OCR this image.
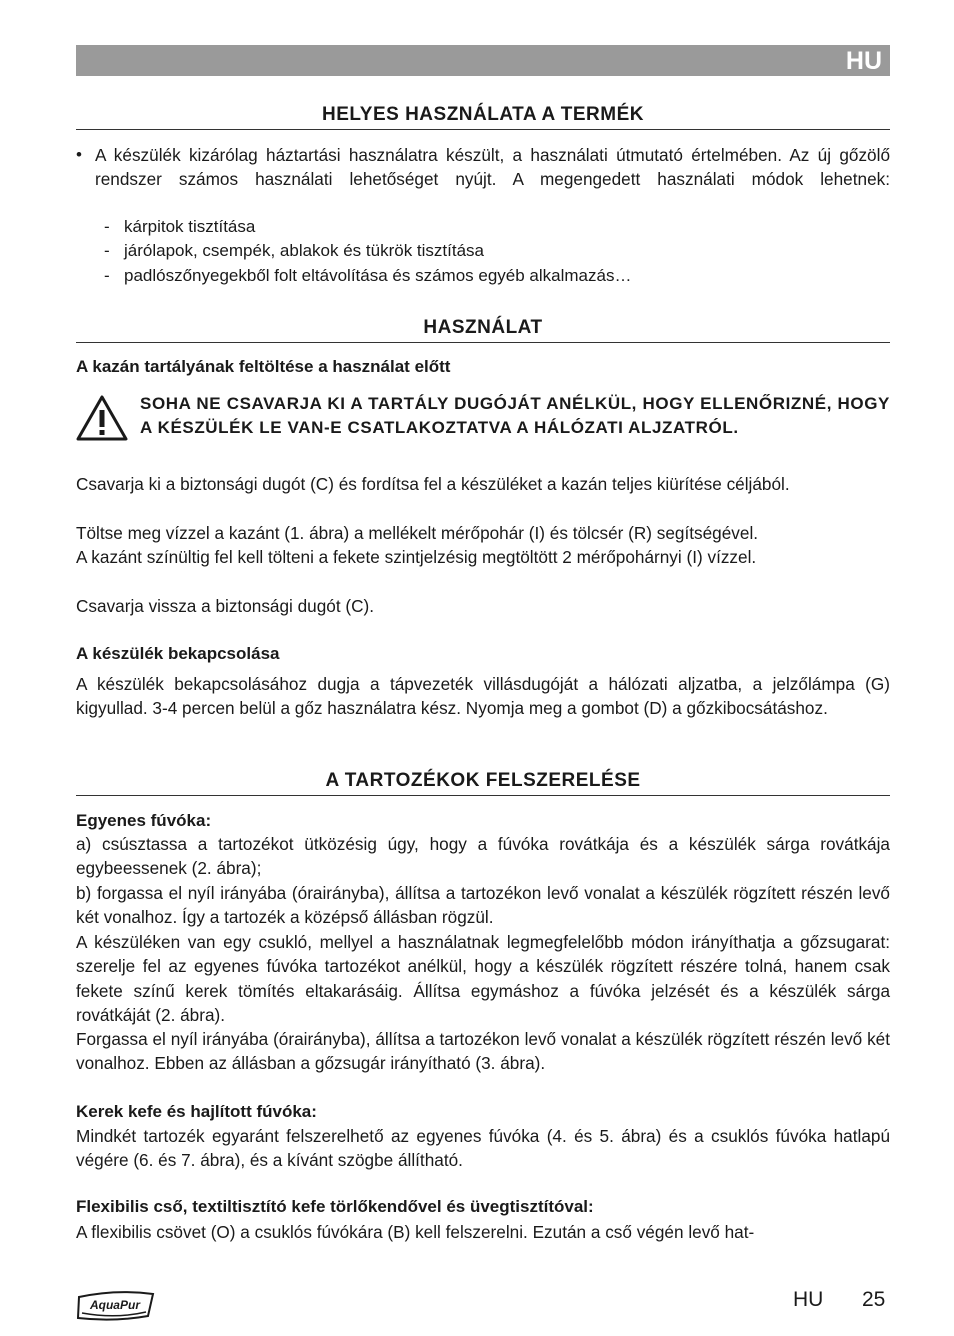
HU
HELYES HASZNÁLATA A TERMÉK
• A készülék kizárólag háztartási használatra készült, a használati útmutató értelmében. Az új gőzölő rendszer számos használati lehetőséget nyújt. A megengedett használati módok lehetnek:
- kárpitok tisztítása
- járólapok, csempék, ablakok és tükrök tisztítása
- padlószőnyegekből folt eltávolítása és számos egyéb alkalmazás…
HASZNÁLAT
A kazán tartályának feltöltése a használat előtt
SOHA NE CSAVARJA KI A TARTÁLY DUGÓJÁT ANÉLKÜL, HOGY ELLENŐRIZNÉ, HOGY A KÉSZÜLÉK LE VAN-E CSATLAKOZTATVA A HÁLÓZATI ALJZATRÓL.
Csavarja ki a biztonsági dugót (C) és fordítsa fel a készüléket a kazán teljes kiürítése céljából.
Töltse meg vízzel a kazánt (1. ábra) a mellékelt mérőpohár (I) és tölcsér (R) segítségével.
A kazánt színültig fel kell tölteni a fekete szintjelzésig megtöltött 2 mérőpohárnyi (I) vízzel.
Csavarja vissza a biztonsági dugót (C).
A készülék bekapcsolása
A készülék bekapcsolásához dugja a tápvezeték villásdugóját a hálózati aljzatba, a jelzőlámpa (G) kigyullad. 3-4 percen belül a gőz használatra kész. Nyomja meg a gombot (D) a gőzkibocsátáshoz.
A TARTOZÉKOK FELSZERELÉSE
Egyenes fúvóka:
a) csúsztassa a tartozékot ütközésig úgy, hogy a fúvóka rovátkája és a készülék sárga rovátkája egybeessenek (2. ábra);
b) forgassa el nyíl irányába (órairányba), állítsa a tartozékon levő vonalat a készülék rögzített részén levő két vonalhoz. Így a tartozék a középső állásban rögzül.
A készüléken van egy csukló, mellyel a használatnak legmegfelelőbb módon irányíthatja a gőzsugarat: szerelje fel az egyenes fúvóka tartozékot anélkül, hogy a készülék rögzített részére tolná, hanem csak fekete színű kerek tömítés eltakarásáig. Állítsa egymáshoz a fúvóka jelzését és a készülék sárga rovátkáját (2. ábra).
Forgassa el nyíl irányába (órairányba), állítsa a tartozékon levő vonalat a készülék rögzített részén levő két vonalhoz. Ebben az állásban a gőzsugár irányítható (3. ábra).
Kerek kefe és hajlított fúvóka:
Mindkét tartozék egyaránt felszerelhető az egyenes fúvóka (4. és 5. ábra) és a csuklós fúvóka hatlapú végére (6. és 7. ábra), és a kívánt szögbe állítható.
Flexibilis cső, textiltisztító kefe törlőkendővel és üvegtisztítóval:
A flexibilis csövet (O) a csuklós fúvókára (B) kell felszerelni. Ezután a cső végén levő hat-
AquaPur	HU 25
